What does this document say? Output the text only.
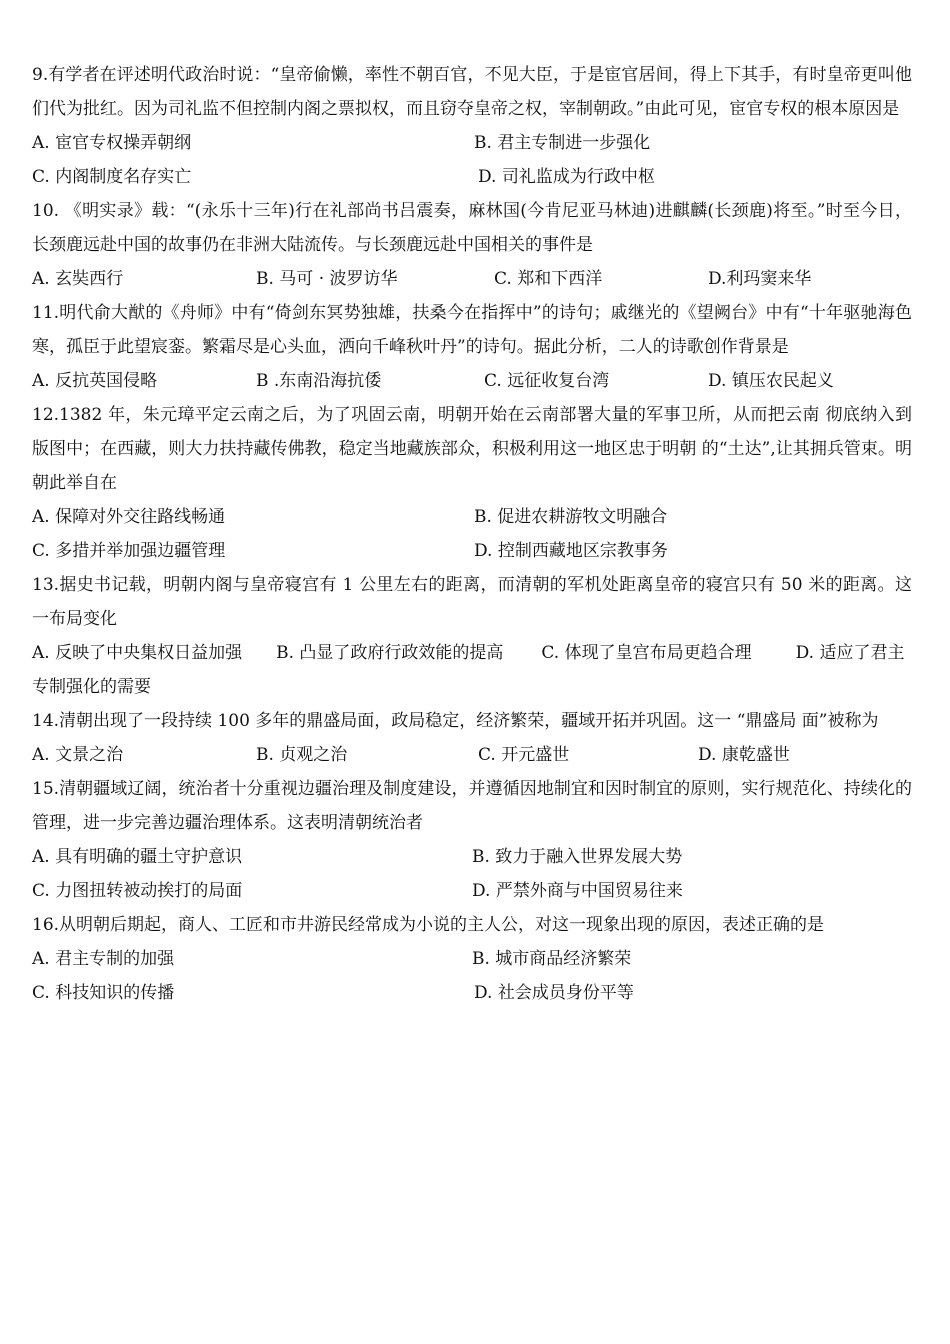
9.有学者在评述明代政治时说：“皇帝偷懒，率性不朝百官，不见大臣，于是宦官居间，得上下其手，有时皇帝更叫他们代为批红。因为司礼监不但控制内阁之票拟权，而且窃夺皇帝之权，宰制朝政。”由此可见，宦官专权的根本原因是

A. 宦官专权操弄朝纲	B. 君主专制进一步强化
C. 内阁制度名存实亡	D. 司礼监成为行政中枢

10. 《明实录》载：“(永乐十三年)行在礼部尚书吕震奏，麻林国(今肯尼亚马林迪)进麒麟(长颈鹿)将至。”时至今日，长颈鹿远赴中国的故事仍在非洲大陆流传。与长颈鹿远赴中国相关的事件是

A. 玄奘西行	B. 马可 · 波罗访华	C. 郑和下西洋	D.利玛窦来华

11.明代俞大猷的《舟师》中有“倚剑东冥势独雄，扶桑今在指挥中”的诗句；戚继光的《望阙台》中有“十年驱驰海色寒，孤臣于此望宸銮。繁霜尽是心头血，洒向千峰秋叶丹”的诗句。据此分析，二人的诗歌创作背景是

A. 反抗英国侵略	B .东南沿海抗倭	C. 远征收复台湾	D. 镇压农民起义

12.1382 年，朱元璋平定云南之后，为了巩固云南，明朝开始在云南部署大量的军事卫所，从而把云南 彻底纳入到版图中；在西藏，则大力扶持藏传佛教，稳定当地藏族部众，积极利用这一地区忠于明朝 的“土达”,让其拥兵管束。明朝此举自在

A. 保障对外交往路线畅通	B. 促进农耕游牧文明融合
C. 多措并举加强边疆管理	D. 控制西藏地区宗教事务

13.据史书记载，明朝内阁与皇帝寝宫有 1 公里左右的距离，而清朝的军机处距离皇帝的寝宫只有 50 米的距离。这一布局变化

A. 反映了中央集权日益加强 B. 凸显了政府行政效能的提高 C. 体现了皇宫布局更趋合理	D. 适应了君主专制强化的需要

14.清朝出现了一段持续 100 多年的鼎盛局面，政局稳定，经济繁荣，疆域开拓并巩固。这一 “鼎盛局 面”被称为

A. 文景之治	B. 贞观之治	C. 开元盛世	D. 康乾盛世

15.清朝疆域辽阔，统治者十分重视边疆治理及制度建设，并遵循因地制宜和因时制宜的原则，实行规范化、持续化的管理，进一步完善边疆治理体系。这表明清朝统治者

A. 具有明确的疆土守护意识	B. 致力于融入世界发展大势
C. 力图扭转被动挨打的局面	D. 严禁外商与中国贸易往来

16.从明朝后期起，商人、工匠和市井游民经常成为小说的主人公，对这一现象出现的原因，表述正确的是

A. 君主专制的加强	B. 城市商品经济繁荣
C. 科技知识的传播	D. 社会成员身份平等
